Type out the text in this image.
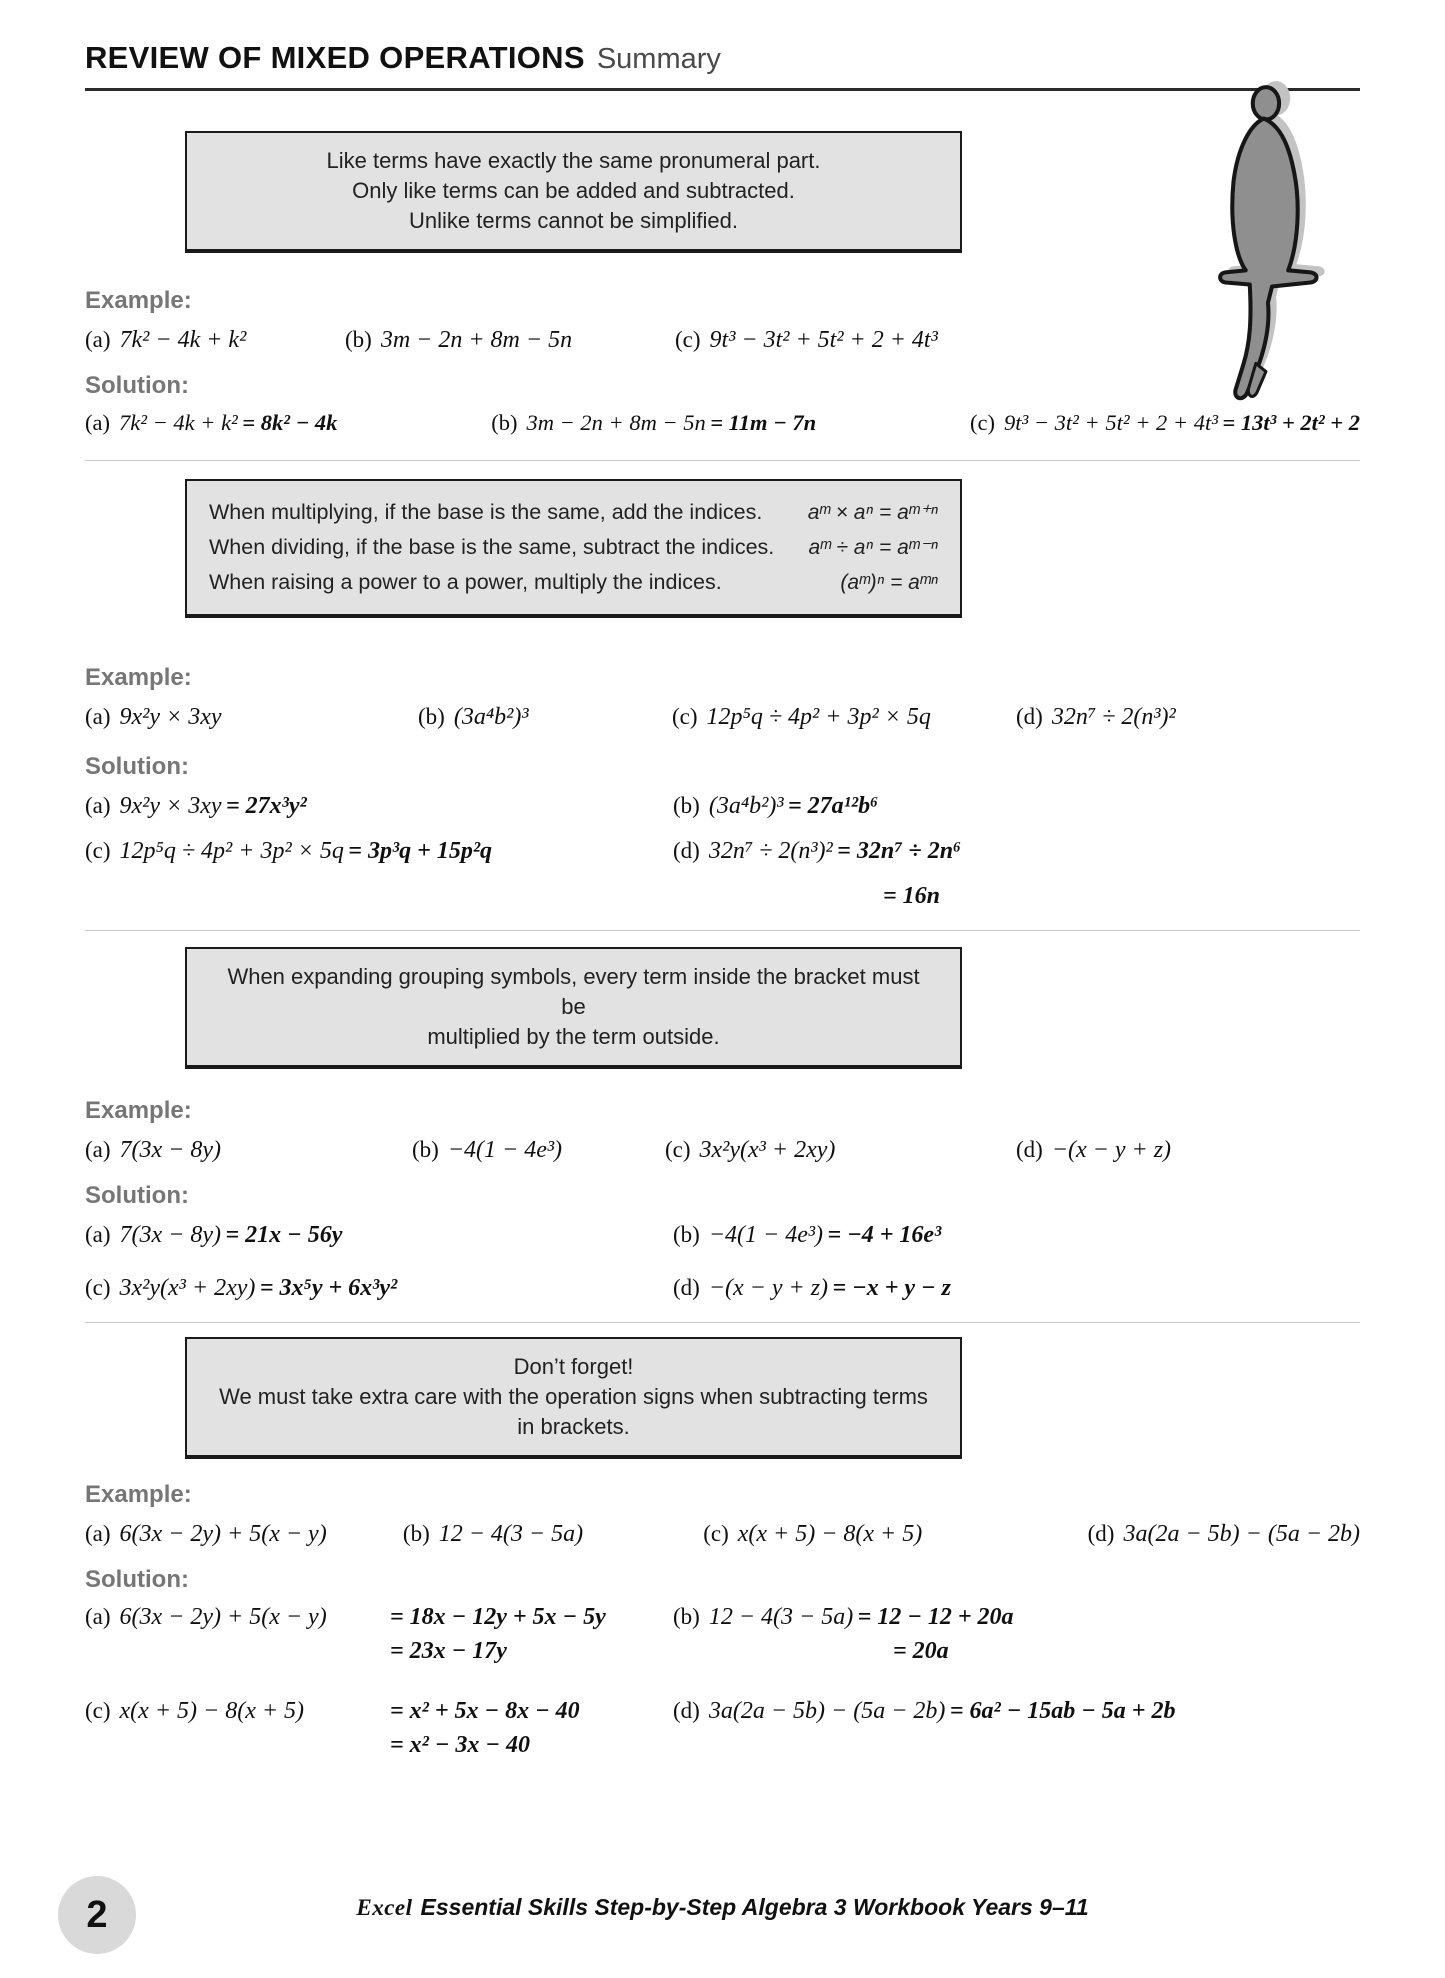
REVIEW OF MIXED OPERATIONS Summary
Like terms have exactly the same pronumeral part.
Only like terms can be added and subtracted.
Unlike terms cannot be simplified.
Example:
(a) 7k² − 4k + k²	(b) 3m − 2n + 8m − 5n	(c) 9t³ − 3t² + 5t² + 2 + 4t³
Solution:
(a) 7k² − 4k + k² = 8k² − 4k	(b) 3m − 2n + 8m − 5n = 11m − 7n	(c) 9t³ − 3t² + 5t² + 2 + 4t³ = 13t³ + 2t² + 2
When multiplying, if the base is the same, add the indices.	aᵐ × aⁿ = aᵐ⁺ⁿ
When dividing, if the base is the same, subtract the indices.	aᵐ ÷ aⁿ = aᵐ⁻ⁿ
When raising a power to a power, multiply the indices.	(aᵐ)ⁿ = aᵐⁿ
Example:
(a) 9x²y × 3xy	(b) (3a⁴b²)³	(c) 12p⁵q ÷ 4p² + 3p² × 5q	(d) 32n⁷ ÷ 2(n³)²
Solution:
(a) 9x²y × 3xy = 27x³y²	(b) (3a⁴b²)³ = 27a¹²b⁶
(c) 12p⁵q ÷ 4p² + 3p² × 5q = 3p³q + 15p²q	(d) 32n⁷ ÷ 2(n³)² = 32n⁷ ÷ 2n⁶
= 16n
When expanding grouping symbols, every term inside the bracket must be
multiplied by the term outside.
Example:
(a) 7(3x − 8y)	(b) −4(1 − 4e³)	(c) 3x²y(x³ + 2xy)	(d) −(x − y + z)
Solution:
(a) 7(3x − 8y) = 21x − 56y	(b) −4(1 − 4e³) = −4 + 16e³
(c) 3x²y(x³ + 2xy) = 3x⁵y + 6x³y²	(d) −(x − y + z) = −x + y − z
Don’t forget!
We must take extra care with the operation signs when subtracting terms
in brackets.
Example:
(a) 6(3x − 2y) + 5(x − y)	(b) 12 − 4(3 − 5a)	(c) x(x + 5) − 8(x + 5)	(d) 3a(2a − 5b) − (5a − 2b)
Solution:
(a) 6(3x − 2y) + 5(x − y)	= 18x − 12y + 5x − 5y	(b) 12 − 4(3 − 5a) = 12 − 12 + 20a
= 23x − 17y	= 20a
(c) x(x + 5) − 8(x + 5)	= x² + 5x − 8x − 40	(d) 3a(2a − 5b) − (5a − 2b) = 6a² − 15ab − 5a + 2b
= x² − 3x − 40
2	Excel Essential Skills Step-by-Step Algebra 3 Workbook Years 9–11
